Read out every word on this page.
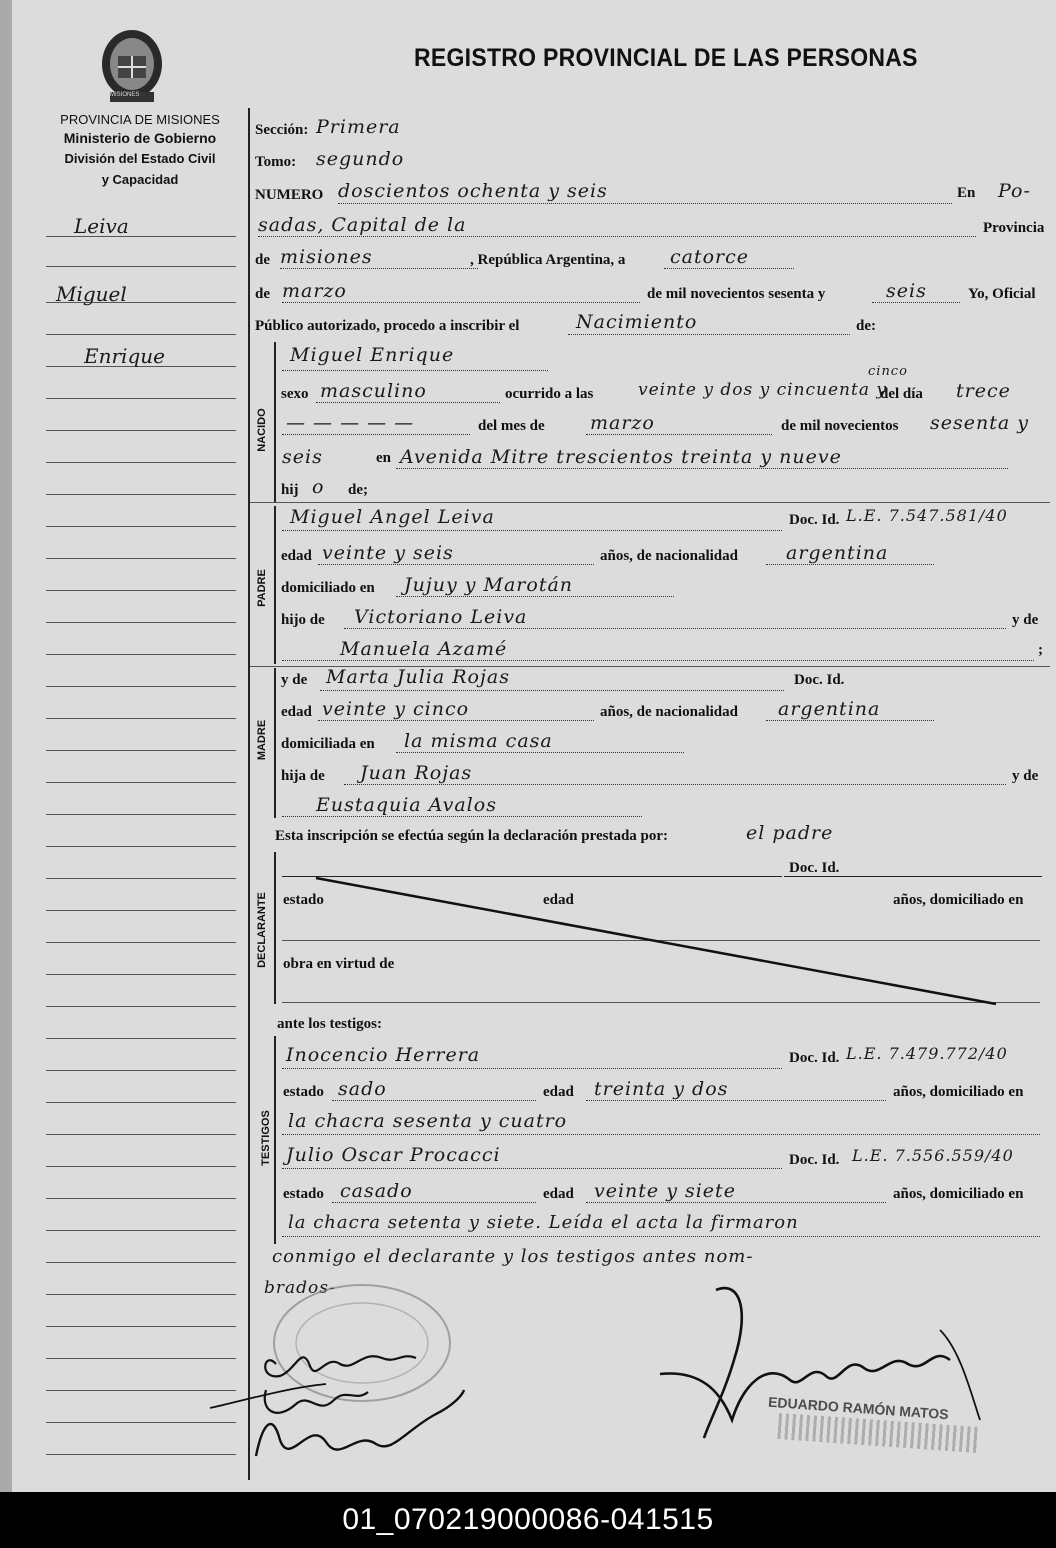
MISIONES
REGISTRO PROVINCIAL DE LAS PERSONAS
PROVINCIA DE MISIONES
Ministerio de Gobierno
División del Estado Civil
y Capacidad
Leiva
Miguel
Enrique
Sección: Primera
Tomo: segundo
NUMERO doscientos ochenta y seis	En Po-
sadas, Capital de la	Provincia
de misiones	, República Argentina, a catorce
de marzo	de mil novecientos sesenta y	seis	Yo, Oficial
Público autorizado, procedo a inscribir el	Nacimiento	de:
NACIDO
Miguel Enrique
sexo masculino	ocurrido a las	veinte y dos y cincuenta y
cinco
del día trece
— — — — —	del mes de marzo	de mil novecientos sesenta y
seis	en Avenida Mitre trescientos treinta y nueve
hij o de;
PADRE
Miguel Angel Leiva	Doc. Id. L.E. 7.547.581/40
edad veinte y seis	años, de nacionalidad	argentina
domiciliado en Jujuy y Marotán
hijo de Victoriano Leiva	y de
Manuela Azamé	;
MADRE
y de Marta Julia Rojas	Doc. Id.
edad veinte y cinco	años, de nacionalidad argentina
domiciliada en la misma casa
hija de Juan Rojas	y de
Eustaquia Avalos
Esta inscripción se efectúa según la declaración prestada por:	el padre
DECLARANTE
Doc. Id.
estado	edad	años, domiciliado en
obra en virtud de
ante los testigos:
TESTIGOS
Inocencio Herrera	Doc. Id. L.E. 7.479.772/40
estado sado	edad treinta y dos	años, domiciliado en
la chacra sesenta y cuatro
Julio Oscar Procacci	Doc. Id. L.E. 7.556.559/40
estado casado	edad veinte y siete	años, domiciliado en
la chacra setenta y siete. Leída el acta la firmaron
conmigo el declarante y los testigos antes nom-
brados-
EDUARDO RAMÓN MATOS
01_070219000086-041515
